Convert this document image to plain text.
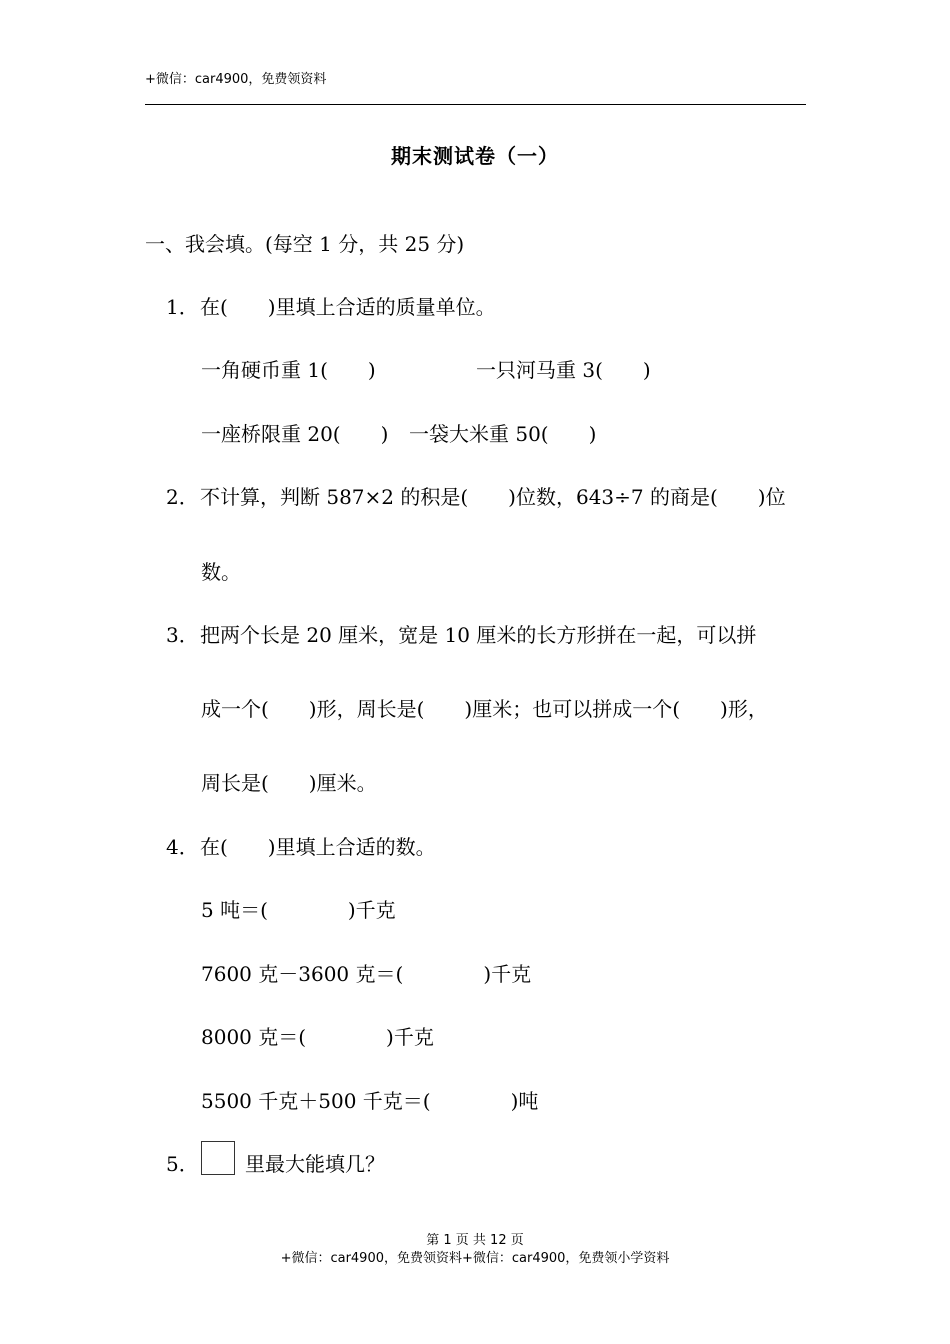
+微信：car4900，免费领资料
期末测试卷（一）
一、我会填。(每空 1 分，共 25 分)
1．在(　　)里填上合适的质量单位。
一角硬币重 1(　　)	一只河马重 3(　　)
一座桥限重 20(　　) 一袋大米重 50(　　)
2．不计算，判断 587×2 的积是(　　)位数，643÷7 的商是(　　)位
数。
3．把两个长是 20 厘米，宽是 10 厘米的长方形拼在一起，可以拼
成一个(　　)形，周长是(　　)厘米；也可以拼成一个(　　)形，
周长是(　　)厘米。
4．在(　　)里填上合适的数。
5 吨＝(　　　　)千克
7600 克－3600 克＝(　　　　)千克
8000 克＝(　　　　)千克
5500 千克＋500 千克＝(　　　　)吨
5． 里最大能填几？
第 1 页 共 12 页
+微信：car4900，免费领资料+微信：car4900，免费领小学资料
